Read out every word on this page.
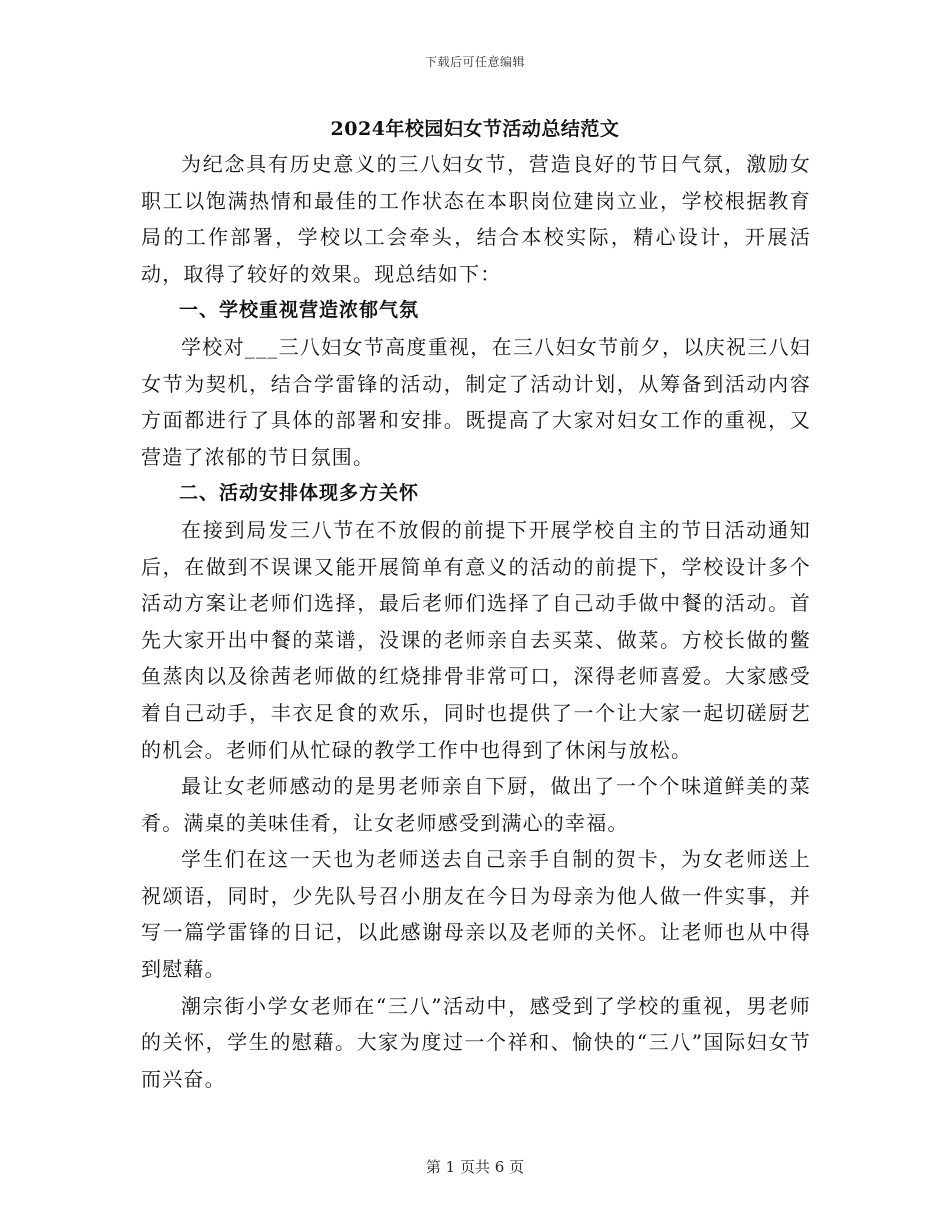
下载后可任意编辑
2024年校园妇女节活动总结范文

为纪念具有历史意义的三八妇女节，营造良好的节日气氛，激励女职工以饱满热情和最佳的工作状态在本职岗位建岗立业，学校根据教育局的工作部署，学校以工会牵头，结合本校实际，精心设计，开展活动，取得了较好的效果。现总结如下：

一、学校重视营造浓郁气氛

学校对___三八妇女节高度重视，在三八妇女节前夕，以庆祝三八妇女节为契机，结合学雷锋的活动，制定了活动计划，从筹备到活动内容方面都进行了具体的部署和安排。既提高了大家对妇女工作的重视，又营造了浓郁的节日氛围。

二、活动安排体现多方关怀

在接到局发三八节在不放假的前提下开展学校自主的节日活动通知后，在做到不误课又能开展简单有意义的活动的前提下，学校设计多个活动方案让老师们选择，最后老师们选择了自己动手做中餐的活动。首先大家开出中餐的菜谱，没课的老师亲自去买菜、做菜。方校长做的鳖鱼蒸肉以及徐茜老师做的红烧排骨非常可口，深得老师喜爱。大家感受着自己动手，丰衣足食的欢乐，同时也提供了一个让大家一起切磋厨艺的机会。老师们从忙碌的教学工作中也得到了休闲与放松。

最让女老师感动的是男老师亲自下厨，做出了一个个味道鲜美的菜肴。满桌的美味佳肴，让女老师感受到满心的幸福。

学生们在这一天也为老师送去自己亲手自制的贺卡，为女老师送上祝颂语，同时，少先队号召小朋友在今日为母亲为他人做一件实事，并写一篇学雷锋的日记，以此感谢母亲以及老师的关怀。让老师也从中得到慰藉。

潮宗街小学女老师在“三八”活动中，感受到了学校的重视，男老师的关怀，学生的慰藉。大家为度过一个祥和、愉快的“三八”国际妇女节而兴奋。

第 1 页共 6 页
